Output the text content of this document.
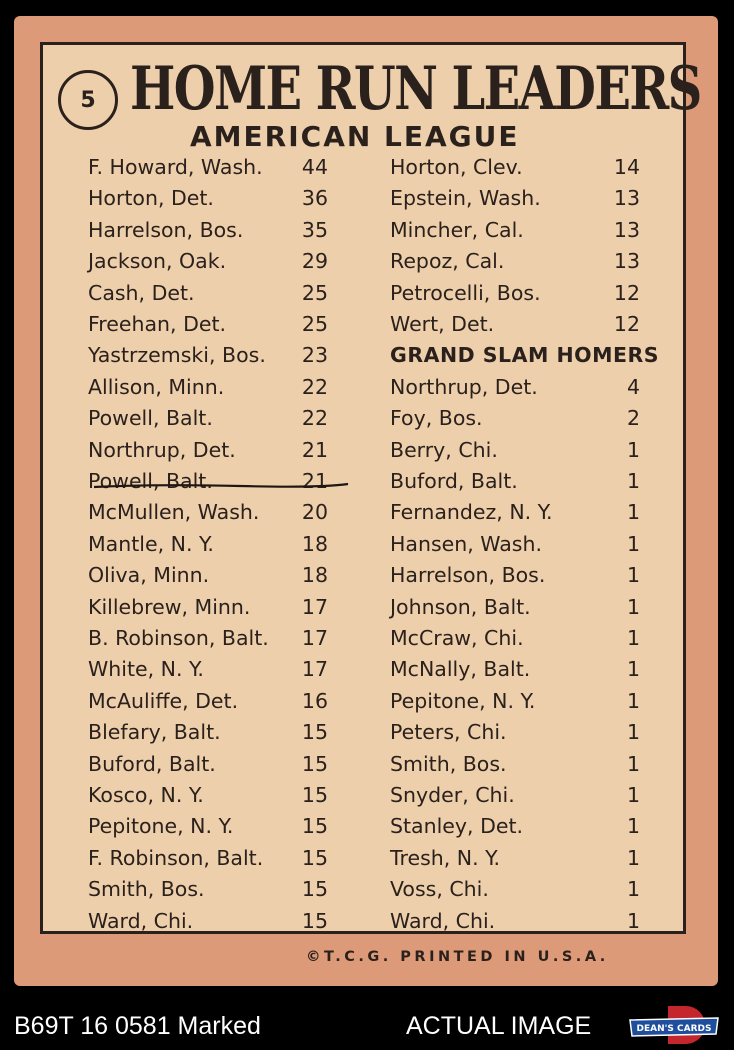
5 HOME RUN LEADERS
AMERICAN LEAGUE
F. Howard, Wash.	44
Horton, Det.	36
Harrelson, Bos.	35
Jackson, Oak.	29
Cash, Det.	25
Freehan, Det.	25
Yastrzemski, Bos.	23
Allison, Minn.	22
Powell, Balt.	22
Northrup, Det.	21
Powell, Balt.	21
McMullen, Wash.	20
Mantle, N. Y.	18
Oliva, Minn.	18
Killebrew, Minn.	17
B. Robinson, Balt.	17
White, N. Y.	17
McAuliffe, Det.	16
Blefary, Balt.	15
Buford, Balt.	15
Kosco, N. Y.	15
Pepitone, N. Y.	15
F. Robinson, Balt.	15
Smith, Bos.	15
Ward, Chi.	15
Horton, Clev.	14
Epstein, Wash.	13
Mincher, Cal.	13
Repoz, Cal.	13
Petrocelli, Bos.	12
Wert, Det.	12
GRAND SLAM HOMERS
Northrup, Det.	4
Foy, Bos.	2
Berry, Chi.	1
Buford, Balt.	1
Fernandez, N. Y.	1
Hansen, Wash.	1
Harrelson, Bos.	1
Johnson, Balt.	1
McCraw, Chi.	1
McNally, Balt.	1
Pepitone, N. Y.	1
Peters, Chi.	1
Smith, Bos.	1
Snyder, Chi.	1
Stanley, Det.	1
Tresh, N. Y.	1
Voss, Chi.	1
Ward, Chi.	1
©T.C.G. PRINTED IN U.S.A.
B69T 16 0581 Marked	ACTUAL IMAGE	DEAN'S CARDS
